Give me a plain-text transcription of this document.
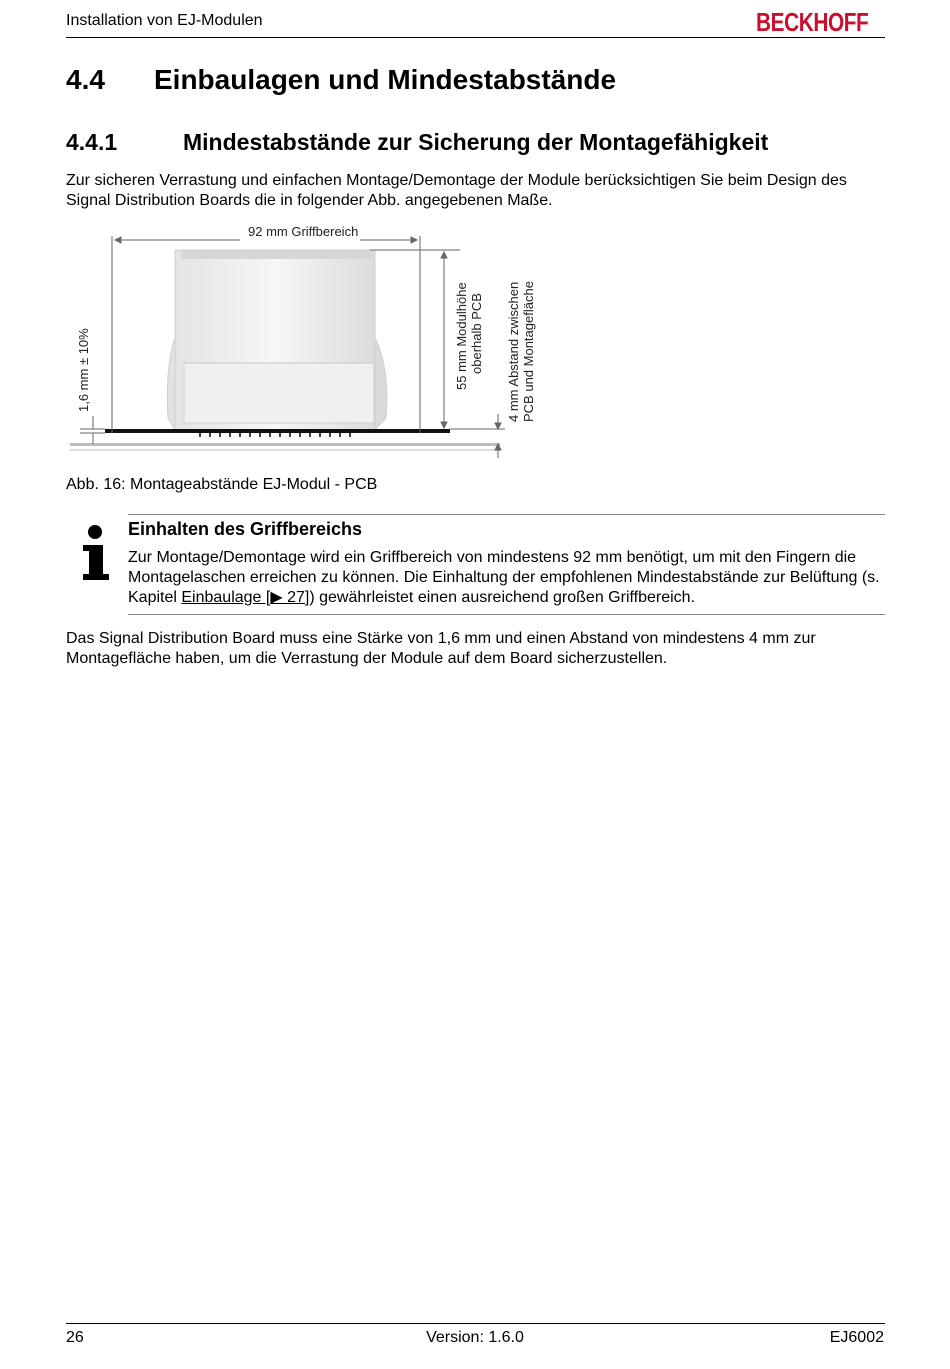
Installation von EJ-Modulen	BECKHOFF
4.4 Einbaulagen und Mindestabstände
4.4.1	Mindestabstände zur Sicherung der Montagefähigkeit
Zur sicheren Verrastung und einfachen Montage/Demontage der Module berücksichtigen Sie beim Design des Signal Distribution Boards die in folgender Abb. angegebenen Maße.
92 mm Griffbereich
1,6 mm ± 10%	55 mm Modulhöhe oberhalb PCB 4 mm Abstand zwischen PCB und Montagefläche
Abb. 16: Montageabstände EJ-Modul - PCB
Einhalten des Griffbereichs
Zur Montage/Demontage wird ein Griffbereich von mindestens 92 mm benötigt, um mit den Fingern die Montagelaschen erreichen zu können. Die Einhaltung der empfohlenen Mindestabstände zur Belüftung (s. Kapitel Einbaulage [▶ 27]) gewährleistet einen ausreichend großen Griffbereich.
Das Signal Distribution Board muss eine Stärke von 1,6 mm und einen Abstand von mindestens 4 mm zur Montagefläche haben, um die Verrastung der Module auf dem Board sicherzustellen.
26	Version: 1.6.0	EJ6002
